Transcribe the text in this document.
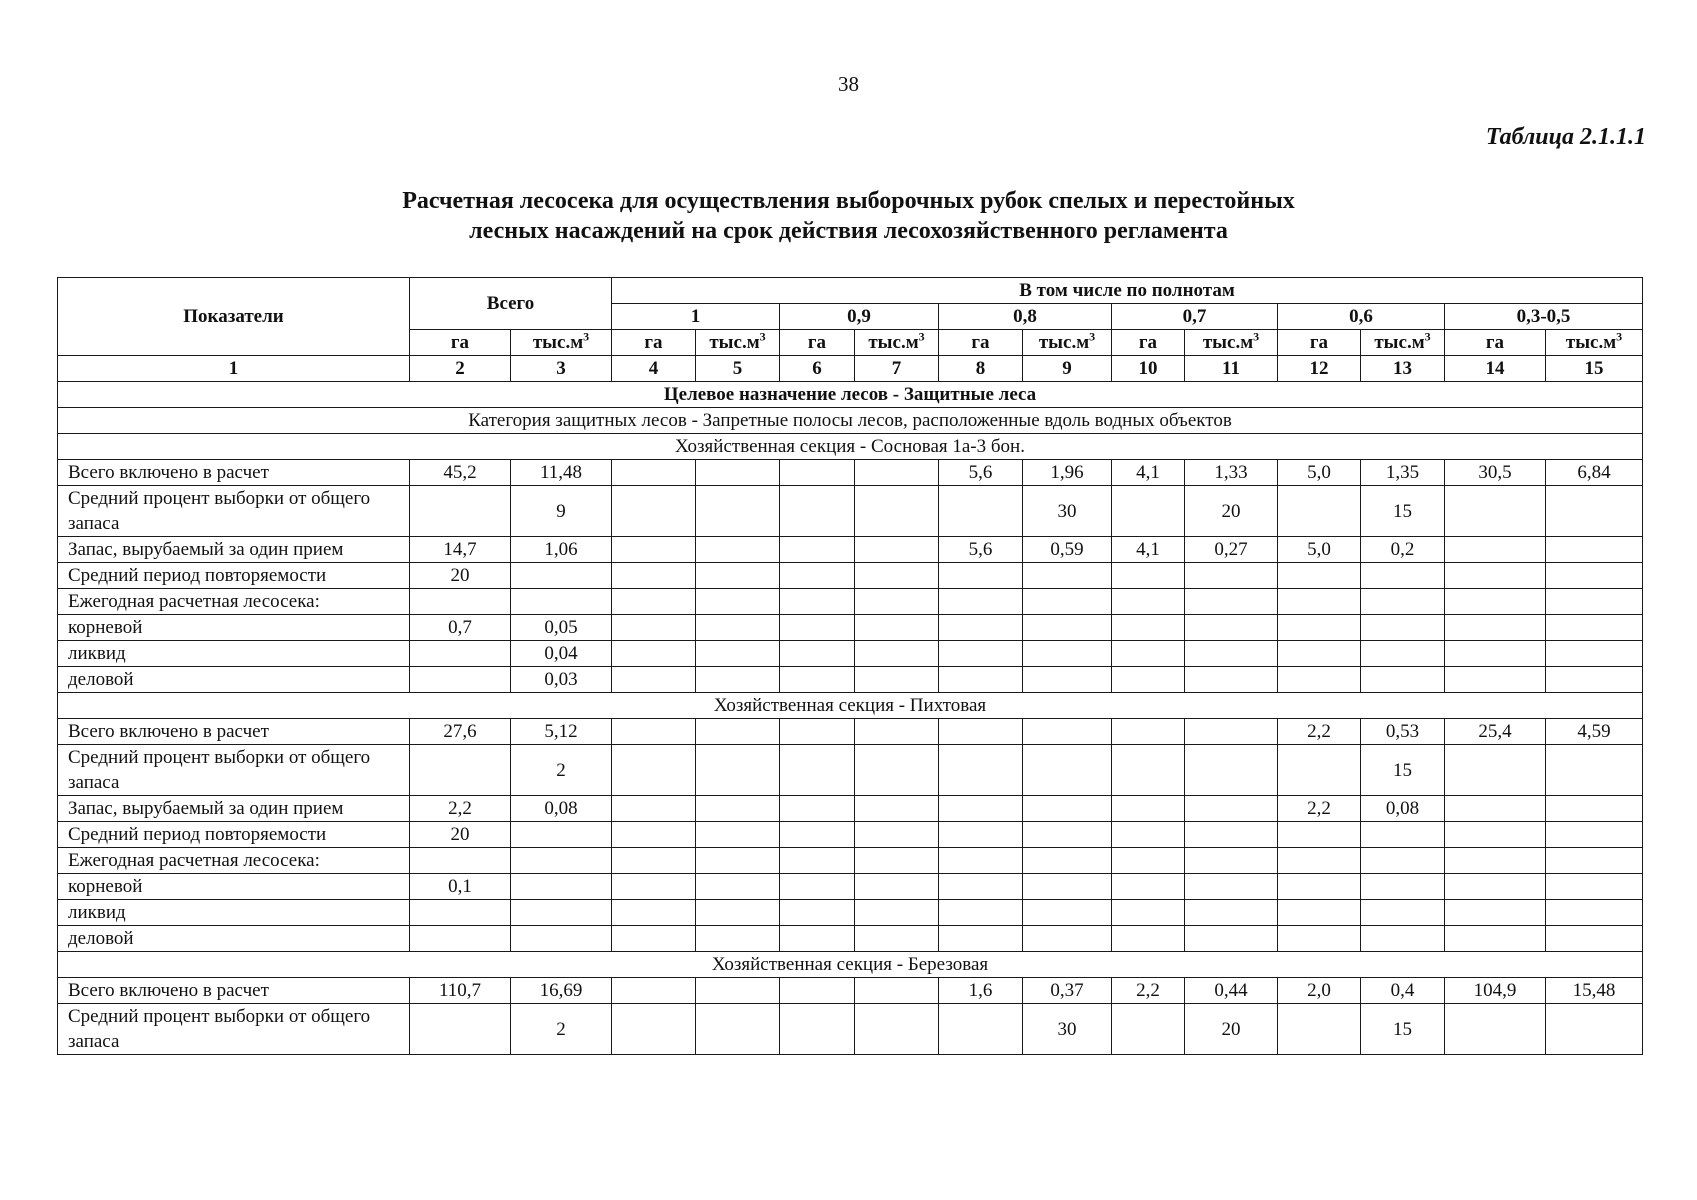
38
Таблица 2.1.1.1
Расчетная лесосека для осуществления выборочных рубок спелых и перестойных
лесных насаждений на срок действия лесохозяйственного регламента
Показатели	Всего		В том числе по полнотам											
			1		0,9		0,8		0,7		0,6		0,3-0,5	
	га	$тыс.м^3$	га	$тыс.м^3$	га	$тыс.м^3$	га	$тыс.м^3$	га	$тыс.м^3$	га	$тыс.м^3$	га	$тыс.м^3$
1	2	3	4	5	6	7	8	9	10	11	12	13	14	15
Целевое назначение лесов - Защитные леса														
Категория защитных лесов - Запретные полосы лесов, расположенные вдоль водных объектов														
Хозяйственная секция - Сосновая 1а-3 бон.														
Всего включено в расчет	45,2	11,48					5,6	1,96	4,1	1,33	5,0	1,35	30,5	6,84
Средний процент выборки от общего запаса		9						30		20		15		
Запас, вырубаемый за один прием	14,7	1,06					5,6	0,59	4,1	0,27	5,0	0,2		
Средний период повторяемости	20													
Ежегодная расчетная лесосека:														
корневой	0,7	0,05												
ликвид		0,04												
деловой		0,03												
Хозяйственная секция - Пихтовая														
Всего включено в расчет	27,6	5,12									2,2	0,53	25,4	4,59
Средний процент выборки от общего запаса		2										15		
Запас, вырубаемый за один прием	2,2	0,08									2,2	0,08		
Средний период повторяемости	20													
Ежегодная расчетная лесосека:														
корневой	0,1													
ликвид														
деловой														
Хозяйственная секция - Березовая														
Всего включено в расчет	110,7	16,69					1,6	0,37	2,2	0,44	2,0	0,4	104,9	15,48
Средний процент выборки от общего запаса		2						30		20		15		
